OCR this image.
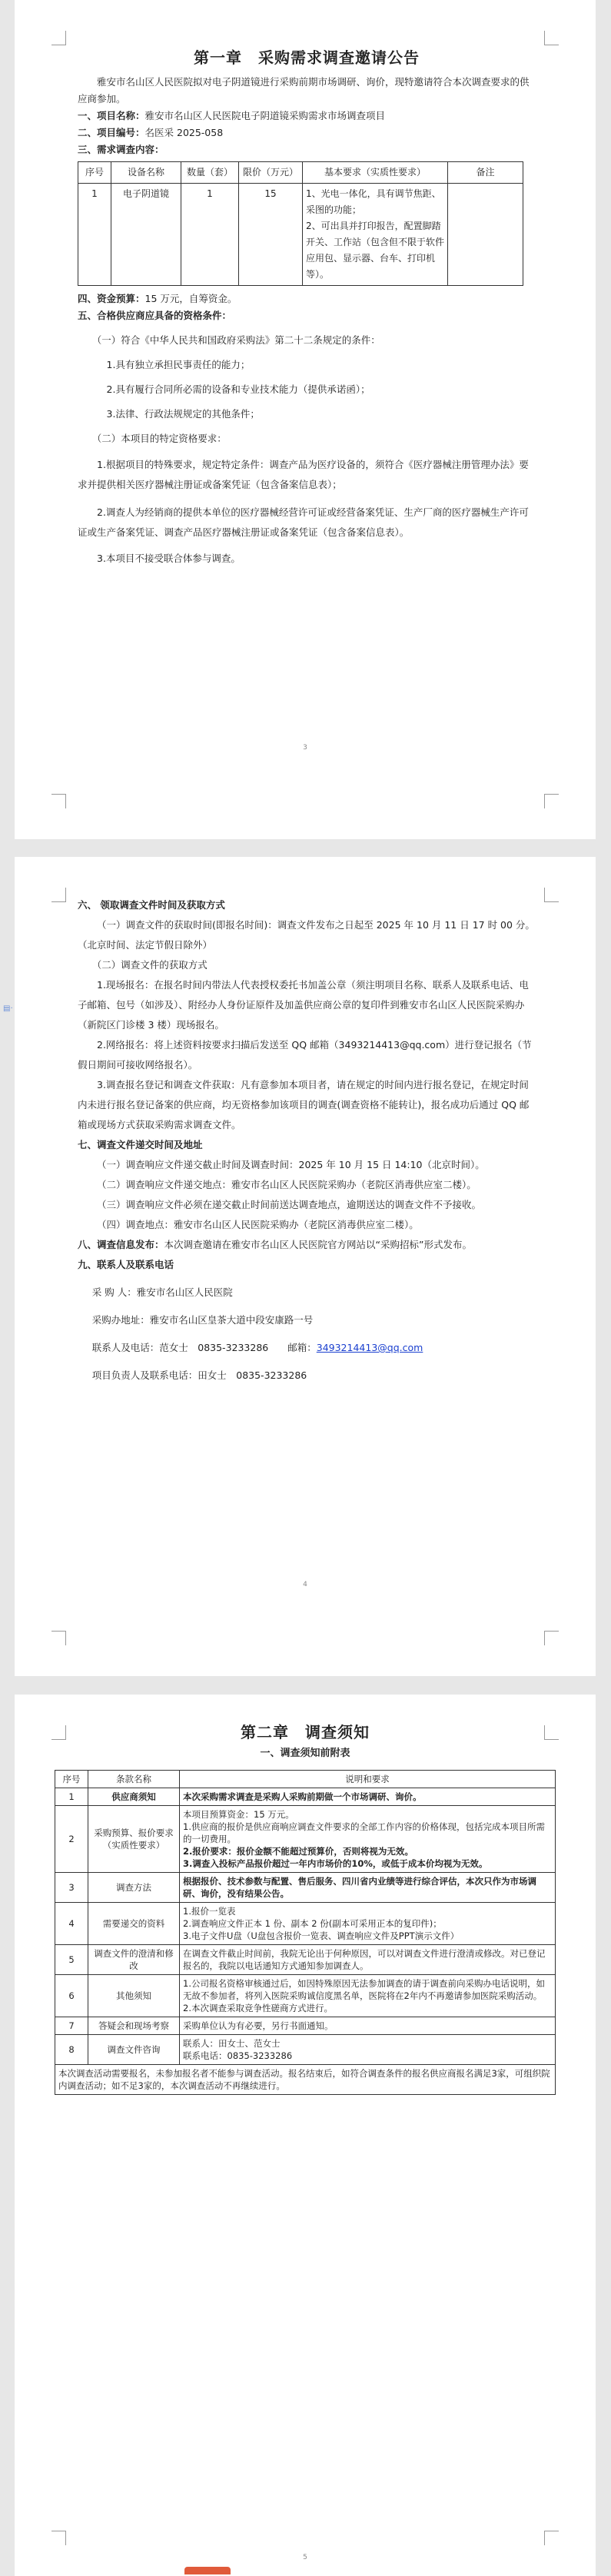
第一章　采购需求调查邀请公告

雅安市名山区人民医院拟对电子阴道镜进行采购前期市场调研、询价，现特邀请符合本次调查要求的供应商参加。

一、项目名称：雅安市名山区人民医院电子阴道镜采购需求市场调查项目

二、项目编号：名医采 2025-058

三、需求调查内容：

序号	设备名称	数量（套）	限价（万元）	基本要求（实质性要求）	备注
1	电子阴道镜	1	15	1、光电一体化，具有调节焦距、采图的功能；
2、可出具并打印报告，配置脚踏开关、工作站（包含但不限于软件应用包、显示器、台车、打印机等）。	

四、资金预算：15 万元，自筹资金。

五、合格供应商应具备的资格条件：

（一）符合《中华人民共和国政府采购法》第二十二条规定的条件：

1.具有独立承担民事责任的能力；

2.具有履行合同所必需的设备和专业技术能力（提供承诺函）；

3.法律、行政法规规定的其他条件；

（二）本项目的特定资格要求：

1.根据项目的特殊要求，规定特定条件：调查产品为医疗设备的，须符合《医疗器械注册管理办法》要求并提供相关医疗器械注册证或备案凭证（包含备案信息表）；

2.调查人为经销商的提供本单位的医疗器械经营许可证或经营备案凭证、生产厂商的医疗器械生产许可证或生产备案凭证、调查产品医疗器械注册证或备案凭证（包含备案信息表）。

3.本项目不接受联合体参与调查。

3

六、 领取调查文件时间及获取方式

（一）调查文件的获取时间(即报名时间)：调查文件发布之日起至 2025 年 10 月 11 日 17 时 00 分。（北京时间、法定节假日除外）

（二）调查文件的获取方式

1.现场报名：在报名时间内带法人代表授权委托书加盖公章（须注明项目名称、联系人及联系电话、电子邮箱、包号（如涉及）、附经办人身份证原件及加盖供应商公章的复印件到雅安市名山区人民医院采购办（新院区门诊楼 3 楼）现场报名。

2.网络报名：将上述资料按要求扫描后发送至 QQ 邮箱（3493214413@qq.com）进行登记报名（节假日期间可接收网络报名）。

3.调查报名登记和调查文件获取：凡有意参加本项目者，请在规定的时间内进行报名登记，在规定时间内未进行报名登记备案的供应商，均无资格参加该项目的调查(调查资格不能转让)，报名成功后通过 QQ 邮箱或现场方式获取采购需求调查文件。

七、调查文件递交时间及地址

（一）调查响应文件递交截止时间及调查时间：2025 年 10 月 15 日 14:10（北京时间）。

（二）调查响应文件递交地点：雅安市名山区人民医院采购办（老院区消毒供应室二楼）。

（三）调查响应文件必须在递交截止时间前送达调查地点，逾期送达的调查文件不予接收。

（四）调查地点：雅安市名山区人民医院采购办（老院区消毒供应室二楼）。

八、调查信息发布：本次调查邀请在雅安市名山区人民医院官方网站以“采购招标”形式发布。

九、联系人及联系电话

采 购 人：雅安市名山区人民医院

采购办地址：雅安市名山区皇茶大道中段安康路一号

联系人及电话：范女士　0835-3233286　　邮箱：3493214413@qq.com

项目负责人及联系电话：田女士　0835-3233286

4
▤·
第二章　调查须知
一、调查须知前附表
序号	条款名称	说明和要求
1	供应商须知	本次采购需求调查是采购人采购前期做一个市场调研、询价。
2	采购预算、报价要求（实质性要求）	本项目预算资金：15 万元。
1.供应商的报价是供应商响应调查文件要求的全部工作内容的价格体现，包括完成本项目所需的一切费用。
2.报价要求：报价金额不能超过预算价，否则将视为无效。
3.调查入投标产品报价超过一年内市场价的10%，或低于成本价均视为无效。

3	调查方法	根据报价、技术参数与配置、售后服务、四川省内业绩等进行综合评估，本次只作为市场调研、询价，没有结果公告。
4	需要递交的资料	1.报价一览表
2.调查响应文件正本 1 份、副本 2 份(副本可采用正本的复印件)；
3.电子文件U盘（U盘包含报价一览表、调查响应文件及PPT演示文件）

5	调查文件的澄清和修改	在调查文件截止时间前，我院无论出于何种原因，可以对调查文件进行澄清或修改。对已登记报名的，我院以电话通知方式通知参加调查人。
6	其他须知	1.公司报名资格审核通过后，如因特殊原因无法参加调查的请于调查前向采购办电话说明，如无故不参加者，将列入医院采购诚信度黑名单，医院将在2年内不再邀请参加医院采购活动。
2.本次调查采取竞争性磋商方式进行。

7	答疑会和现场考察	采购单位认为有必要，另行书面通知。
8	调查文件咨询	联系人：田女士、范女士
联系电话：0835-3233286

本次调查活动需要报名，未参加报名者不能参与调查活动。报名结束后，如符合调查条件的报名供应商报名满足3家，可组织院内调查活动；如不足3家的，本次调查活动不再继续进行。		
5
